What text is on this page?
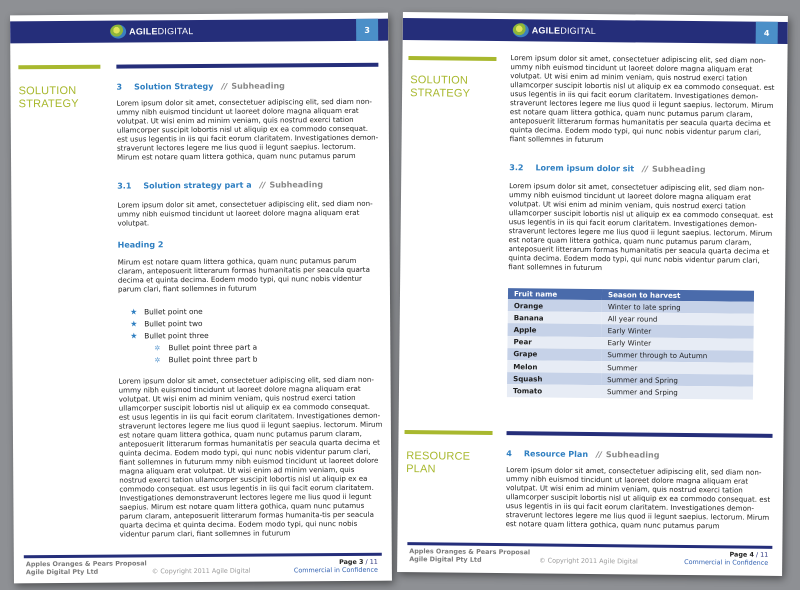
AGILEDIGITAL	3
SOLUTION
STRATEGY
3 Solution Strategy // Subheading
Lorem ipsum dolor sit amet, consectetuer adipiscing elit, sed diam non-ummy nibh euismod tincidunt ut laoreet dolore magna aliquam erat volutpat. Ut wisi enim ad minim veniam, quis nostrud exerci tation ullamcorper suscipit lobortis nisl ut aliquip ex ea commodo consequat. est usus legentis in iis qui facit eorum claritatem. Investigationes demon-straverunt lectores legere me lius quod ii legunt saepius. lectorum. Mirum est notare quam littera gothica, quam nunc putamus parum
3.1 Solution strategy part a // Subheading
Lorem ipsum dolor sit amet, consectetuer adipiscing elit, sed diam non-ummy nibh euismod tincidunt ut laoreet dolore magna aliquam erat volutpat.
Heading 2
Mirum est notare quam littera gothica, quam nunc putamus parum claram, anteposuerit litterarum formas humanitatis per seacula quarta decima et quinta decima. Eodem modo typi, qui nunc nobis videntur parum clari, fiant sollemnes in futurum
★ Bullet point one
★ Bullet point two
★ Bullet point three
✲	Bullet point three part a
✲	Bullet point three part b
Lorem ipsum dolor sit amet, consectetuer adipiscing elit, sed diam non-ummy nibh euismod tincidunt ut laoreet dolore magna aliquam erat volutpat. Ut wisi enim ad minim veniam, quis nostrud exerci tation ullamcorper suscipit lobortis nisl ut aliquip ex ea commodo consequat. est usus legentis in iis qui facit eorum claritatem. Investigationes demon-straverunt lectores legere me lius quod ii legunt saepius. lectorum. Mirum est notare quam littera gothica, quam nunc putamus parum claram, anteposuerit litterarum formas humanitatis per seacula quarta decima et quinta decima. Eodem modo typi, qui nunc nobis videntur parum clari, fiant sollemnes in futurum mmy nibh euismod tincidunt ut laoreet dolore magna aliquam erat volutpat. Ut wisi enim ad minim veniam, quis nostrud exerci tation ullamcorper suscipit lobortis nisl ut aliquip ex ea commodo consequat. est usus legentis in iis qui facit eorum claritatem. Investigationes demonstraverunt lectores legere me lius quod ii legunt saepius. Mirum est notare quam littera gothica, quam nunc putamus parum claram, anteposuerit litterarum formas humanita-tis per seacula quarta decima et quinta decima. Eodem modo typi, qui nunc nobis videntur parum clari, fiant sollemnes in futurum
Apples Oranges & Pears Proposal
Agile Digital Pty Ltd	© Copyright 2011 Agile Digital
Page 3 / 11
Commercial in Confidence
AGILEDIGITAL	4
SOLUTION
STRATEGY
Lorem ipsum dolor sit amet, consectetuer adipiscing elit, sed diam non-ummy nibh euismod tincidunt ut laoreet dolore magna aliquam erat volutpat. Ut wisi enim ad minim veniam, quis nostrud exerci tation ullamcorper suscipit lobortis nisl ut aliquip ex ea commodo consequat. est usus legentis in iis qui facit eorum claritatem. Investigationes demon-straverunt lectores legere me lius quod ii legunt saepius. lectorum. Mirum est notare quam littera gothica, quam nunc putamus parum claram, anteposuerit litterarum formas humanitatis per seacula quarta decima et quinta decima. Eodem modo typi, qui nunc nobis videntur parum clari, fiant sollemnes in futurum
3.2 Lorem ipsum dolor sit // Subheading
Lorem ipsum dolor sit amet, consectetuer adipiscing elit, sed diam non-ummy nibh euismod tincidunt ut laoreet dolore magna aliquam erat volutpat. Ut wisi enim ad minim veniam, quis nostrud exerci tation ullamcorper suscipit lobortis nisl ut aliquip ex ea commodo consequat. est usus legentis in iis qui facit eorum claritatem. Investigationes demon-straverunt lectores legere me lius quod ii legunt saepius. lectorum. Mirum est notare quam littera gothica, quam nunc putamus parum claram, anteposuerit litterarum formas humanitatis per seacula quarta decima et quinta decima. Eodem modo typi, qui nunc nobis videntur parum clari, fiant sollemnes in futurum
Fruit name	Season to harvest
Orange	Winter to late spring
Banana	All year round
Apple	Early Winter
Pear	Early Winter
Grape	Summer through to Autumn
Melon	Summer
Squash	Summer and Spring
Tomato	Summer and Srping
RESOURCE
PLAN
4 Resource Plan // Subheading
Lorem ipsum dolor sit amet, consectetuer adipiscing elit, sed diam non-ummy nibh euismod tincidunt ut laoreet dolore magna aliquam erat volutpat. Ut wisi enim ad minim veniam, quis nostrud exerci tation ullamcorper suscipit lobortis nisl ut aliquip ex ea commodo consequat. est usus legentis in iis qui facit eorum claritatem. Investigationes demon-straverunt lectores legere me lius quod ii legunt saepius. lectorum. Mirum est notare quam littera gothica, quam nunc putamus parum
Apples Oranges & Pears Proposal
Agile Digital Pty Ltd	© Copyright 2011 Agile Digital
Page 4 / 11
Commercial in Confidence
